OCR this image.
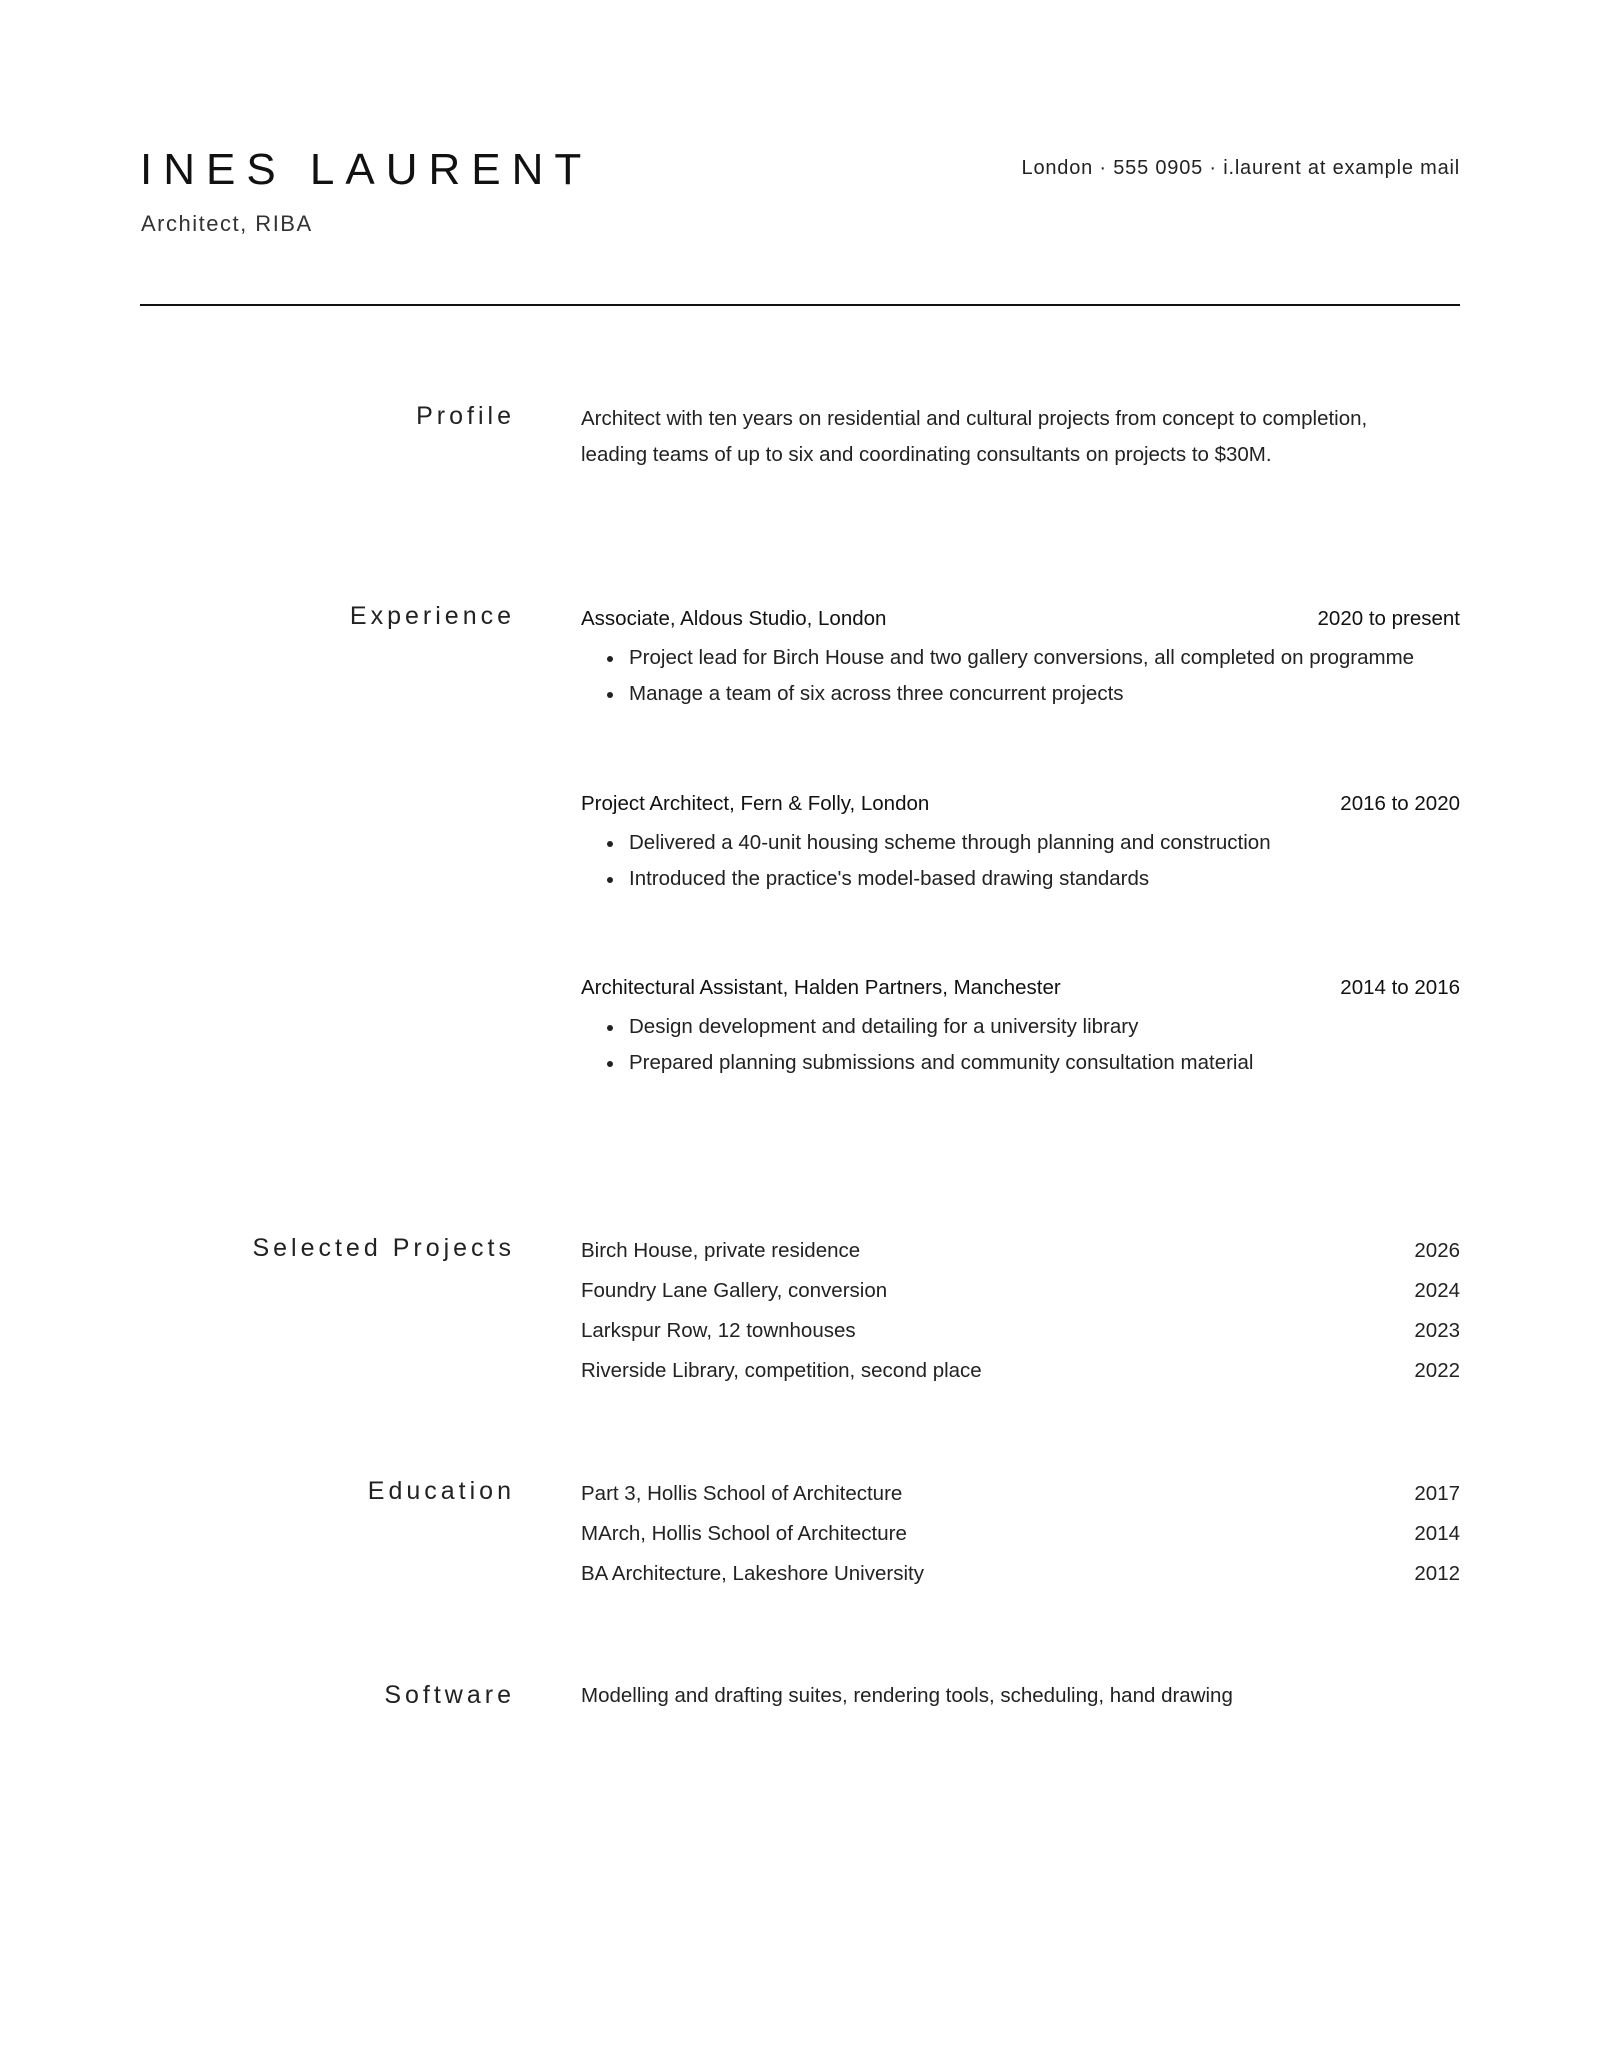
INES LAURENT
Architect, RIBA
London · 555 0905 · i.laurent at example mail
Profile	Architect with ten years on residential and cultural projects from concept to completion,

leading teams of up to six and coordinating consultants on projects to $30M.

Experience	Associate, Aldous Studio, London	2020 to present
Project lead for Birch House and two gallery conversions, all completed on programme
Manage a team of six across three concurrent projects
Project Architect, Fern & Folly, London	2016 to 2020
Delivered a 40-unit housing scheme through planning and construction
Introduced the practice's model-based drawing standards
Architectural Assistant, Halden Partners, Manchester	2014 to 2016
Design development and detailing for a university library
Prepared planning submissions and community consultation material
Selected Projects	Birch House, private residence	2026
Foundry Lane Gallery, conversion	2024
Larkspur Row, 12 townhouses	2023
Riverside Library, competition, second place	2022
Education	Part 3, Hollis School of Architecture	2017
MArch, Hollis School of Architecture	2014
BA Architecture, Lakeshore University	2012
Software	Modelling and drafting suites, rendering tools, scheduling, hand drawing
